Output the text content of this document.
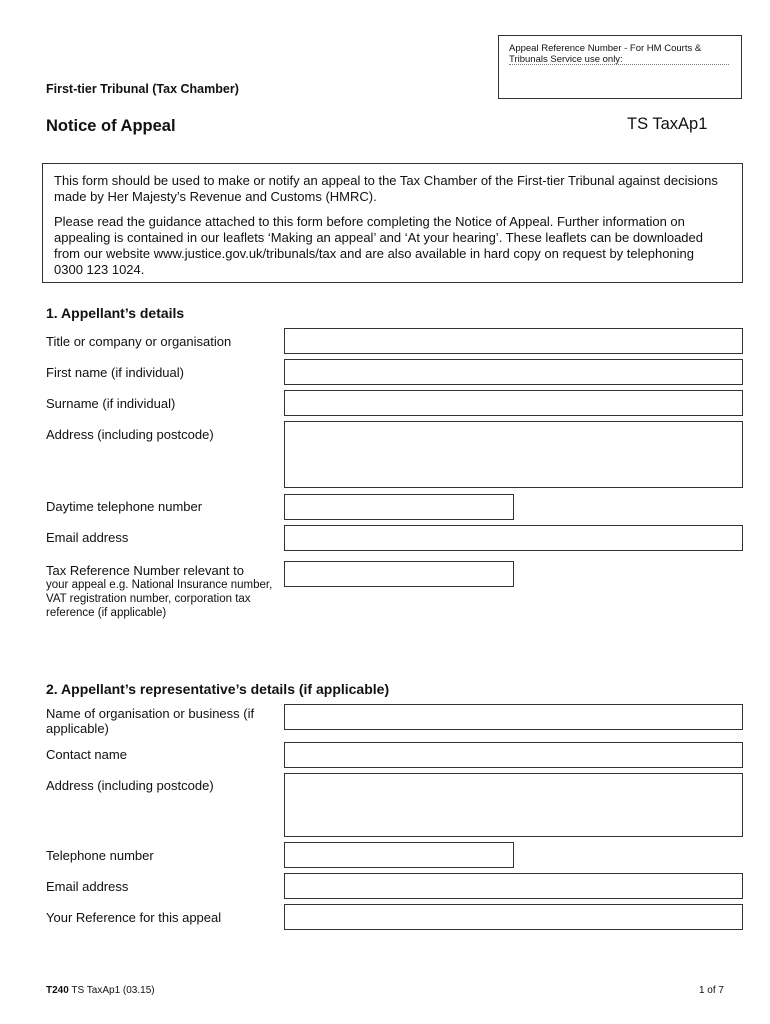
Appeal Reference Number - For HM Courts & Tribunals Service use only:
First-tier Tribunal (Tax Chamber)
Notice of Appeal	TS TaxAp1

This form should be used to make or notify an appeal to the Tax Chamber of the First-tier Tribunal against decisions made by Her Majesty’s Revenue and Customs (HMRC).

Please read the guidance attached to this form before completing the Notice of Appeal. Further information on appealing is contained in our leaflets ‘Making an appeal’ and ‘At your hearing’. These leaflets can be downloaded from our website www.justice.gov.uk/tribunals/tax and are also available in hard copy on request by telephoning 0300 123 1024.

1. Appellant’s details
Title or company or organisation
First name (if individual)
Surname (if individual)
Address (including postcode)
Daytime telephone number
Email address
Tax Reference Number relevant to
your appeal e.g. National Insurance number, VAT registration number, corporation tax reference (if applicable)
2. Appellant’s representative’s details (if applicable)
Name of organisation or business (if applicable)
Contact name
Address (including postcode)
Telephone number
Email address
Your Reference for this appeal
T240 TS TaxAp1 (03.15)	1 of 7
